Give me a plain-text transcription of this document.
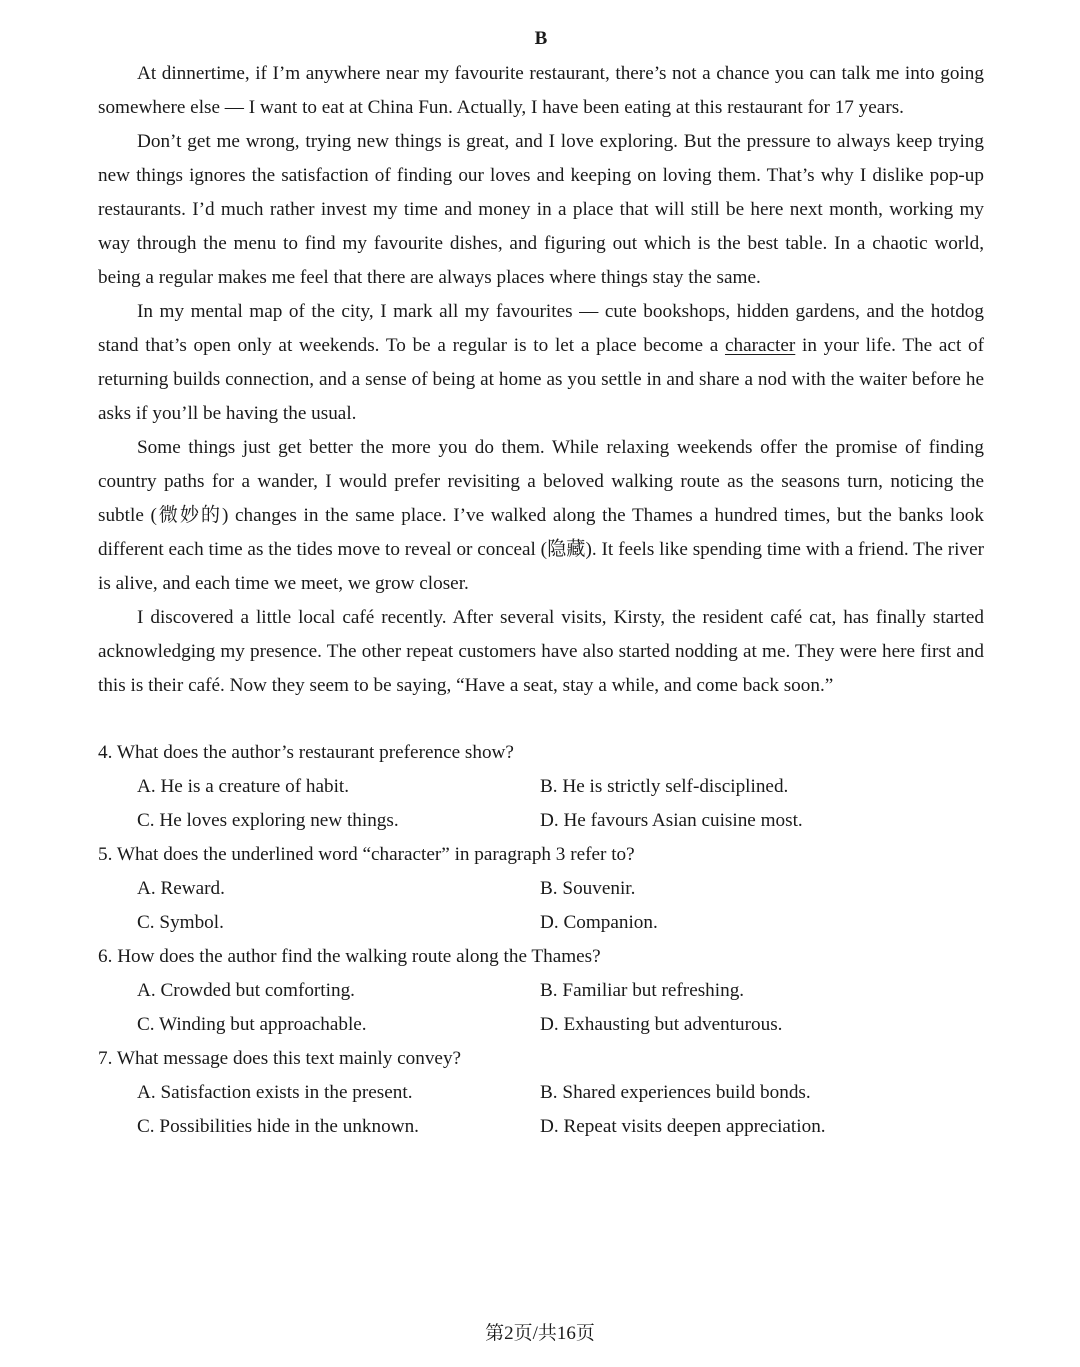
B

At dinnertime, if I’m anywhere near my favourite restaurant, there’s not a chance you can talk me into going somewhere else — I want to eat at China Fun. Actually, I have been eating at this restaurant for 17 years.

Don’t get me wrong, trying new things is great, and I love exploring. But the pressure to always keep trying new things ignores the satisfaction of finding our loves and keeping on loving them. That’s why I dislike pop-up restaurants. I’d much rather invest my time and money in a place that will still be here next month, working my way through the menu to find my favourite dishes, and figuring out which is the best table. In a chaotic world, being a regular makes me feel that there are always places where things stay the same.

In my mental map of the city, I mark all my favourites — cute bookshops, hidden gardens, and the hotdog stand that’s open only at weekends. To be a regular is to let a place become a character in your life. The act of returning builds connection, and a sense of being at home as you settle in and share a nod with the waiter before he asks if you’ll be having the usual.

Some things just get better the more you do them. While relaxing weekends offer the promise of finding country paths for a wander, I would prefer revisiting a beloved walking route as the seasons turn, noticing the subtle (微妙的) changes in the same place. I’ve walked along the Thames a hundred times, but the banks look different each time as the tides move to reveal or conceal (隐藏). It feels like spending time with a friend. The river is alive, and each time we meet, we grow closer.

I discovered a little local café recently. After several visits, Kirsty, the resident café cat, has finally started acknowledging my presence. The other repeat customers have also started nodding at me. They were here first and this is their café. Now they seem to be saying, “Have a seat, stay a while, and come back soon.”

4. What does the author’s restaurant preference show?

A. He is a creature of habit.	B. He is strictly self-disciplined.
C. He loves exploring new things.	D. He favours Asian cuisine most.

5. What does the underlined word “character” in paragraph 3 refer to?

A. Reward.	B. Souvenir.
C. Symbol.	D. Companion.

6. How does the author find the walking route along the Thames?

A. Crowded but comforting.	B. Familiar but refreshing.
C. Winding but approachable.	D. Exhausting but adventurous.

7. What message does this text mainly convey?

A. Satisfaction exists in the present.	B. Shared experiences build bonds.
C. Possibilities hide in the unknown.	D. Repeat visits deepen appreciation.
第2页/共16页
